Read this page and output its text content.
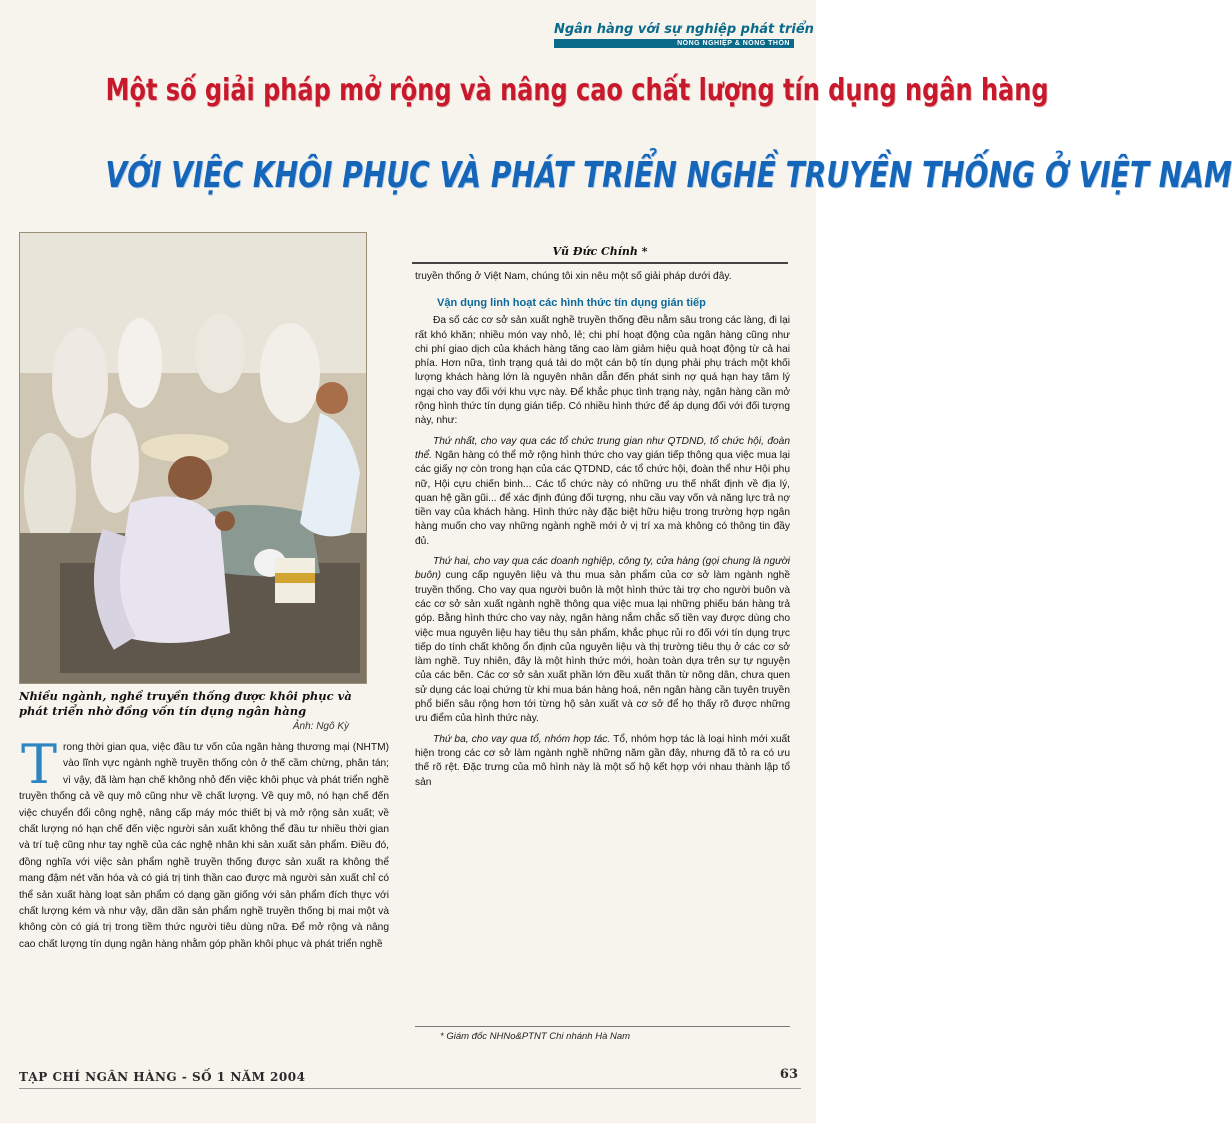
Ngân hàng với sự nghiệp phát triển
NÔNG NGHIỆP & NÔNG THÔN
Một số giải pháp mở rộng và nâng cao chất lượng tín dụng ngân hàng
VỚI VIỆC KHÔI PHỤC VÀ PHÁT TRIỂN NGHỀ TRUYỀN THỐNG Ở VIỆT NAM
Vũ Đức Chính *
Nhiều ngành, nghề truyền thống được khôi phục và phát triển nhờ đồng vốn tín dụng ngân hàng
Ảnh: Ngô Kỳ
Trong thời gian qua, việc đầu tư vốn của ngân hàng thương mại (NHTM) vào lĩnh vực ngành nghề truyền thống còn ở thế cầm chừng, phân tán; vì vậy, đã làm hạn chế không nhỏ đến việc khôi phục và phát triển nghề truyền thống cả về quy mô cũng như về chất lượng. Về quy mô, nó hạn chế đến việc chuyển đổi công nghệ, nâng cấp máy móc thiết bị và mở rộng sản xuất; về chất lượng nó hạn chế đến việc người sản xuất không thể đầu tư nhiều thời gian và trí tuệ cũng như tay nghề của các nghệ nhân khi sản xuất sản phẩm. Điều đó, đồng nghĩa với việc sản phẩm nghề truyền thống được sản xuất ra không thể mang đậm nét văn hóa và có giá trị tinh thần cao được mà người sản xuất chỉ có thể sản xuất hàng loạt sản phẩm có dạng gần giống với sản phẩm đích thực với chất lượng kém và như vậy, dần dần sản phẩm nghề truyền thống bị mai một và không còn có giá trị trong tiềm thức người tiêu dùng nữa. Để mở rộng và nâng cao chất lượng tín dụng ngân hàng nhằm góp phần khôi phục và phát triển nghề

truyền thống ở Việt Nam, chúng tôi xin nêu một số giải pháp dưới đây.

Vận dụng linh hoạt các hình thức tín dụng gián tiếp

Đa số các cơ sở sản xuất nghề truyền thống đều nằm sâu trong các làng, đi lại rất khó khăn; nhiều món vay nhỏ, lẻ; chi phí hoạt động của ngân hàng cũng như chi phí giao dịch của khách hàng tăng cao làm giảm hiệu quả hoạt động từ cả hai phía. Hơn nữa, tình trạng quá tải do một cán bộ tín dụng phải phụ trách một khối lượng khách hàng lớn là nguyên nhân dẫn đến phát sinh nợ quá hạn hay tâm lý ngại cho vay đối với khu vực này. Để khắc phục tình trạng này, ngân hàng cần mở rộng hình thức tín dụng gián tiếp. Có nhiều hình thức để áp dụng đối với đối tượng này, như:

Thứ nhất, cho vay qua các tổ chức trung gian như QTDND, tổ chức hội, đoàn thể. Ngân hàng có thể mở rộng hình thức cho vay gián tiếp thông qua việc mua lại các giấy nợ còn trong hạn của các QTDND, các tổ chức hội, đoàn thể như Hội phụ nữ, Hội cựu chiến binh... Các tổ chức này có những ưu thế nhất định về địa lý, quan hệ gần gũi... để xác định đúng đối tượng, nhu cầu vay vốn và năng lực trả nợ tiền vay của khách hàng. Hình thức này đặc biệt hữu hiệu trong trường hợp ngân hàng muốn cho vay những ngành nghề mới ở vị trí xa mà không có thông tin đầy đủ.

Thứ hai, cho vay qua các doanh nghiệp, công ty, cửa hàng (gọi chung là người buôn) cung cấp nguyên liệu và thu mua sản phẩm của cơ sở làm ngành nghề truyền thống. Cho vay qua người buôn là một hình thức tài trợ cho người buôn và các cơ sở sản xuất ngành nghề thông qua việc mua lại những phiếu bán hàng trả góp. Bằng hình thức cho vay này, ngân hàng nắm chắc số tiền vay được dùng cho việc mua nguyên liệu hay tiêu thụ sản phẩm, khắc phục rủi ro đối với tín dụng trực tiếp do tính chất không ổn định của nguyên liệu và thị trường tiêu thụ ở các cơ sở làm nghề. Tuy nhiên, đây là một hình thức mới, hoàn toàn dựa trên sự tự nguyện của các bên. Các cơ sở sản xuất phần lớn đều xuất thân từ nông dân, chưa quen sử dụng các loại chứng từ khi mua bán hàng hoá, nên ngân hàng cần tuyên truyền phổ biến sâu rộng hơn tới từng hộ sản xuất và cơ sở để họ thấy rõ được những ưu điểm của hình thức này.

Thứ ba, cho vay qua tổ, nhóm hợp tác. Tổ, nhóm hợp tác là loại hình mới xuất hiện trong các cơ sở làm ngành nghề những năm gần đây, nhưng đã tỏ ra có ưu thế rõ rệt. Đặc trưng của mô hình này là một số hộ kết hợp với nhau thành lập tổ sản

* Giám đốc NHNo&PTNT Chi nhánh Hà Nam
TẠP CHÍ NGÂN HÀNG - SỐ 1 NĂM 2004	63
